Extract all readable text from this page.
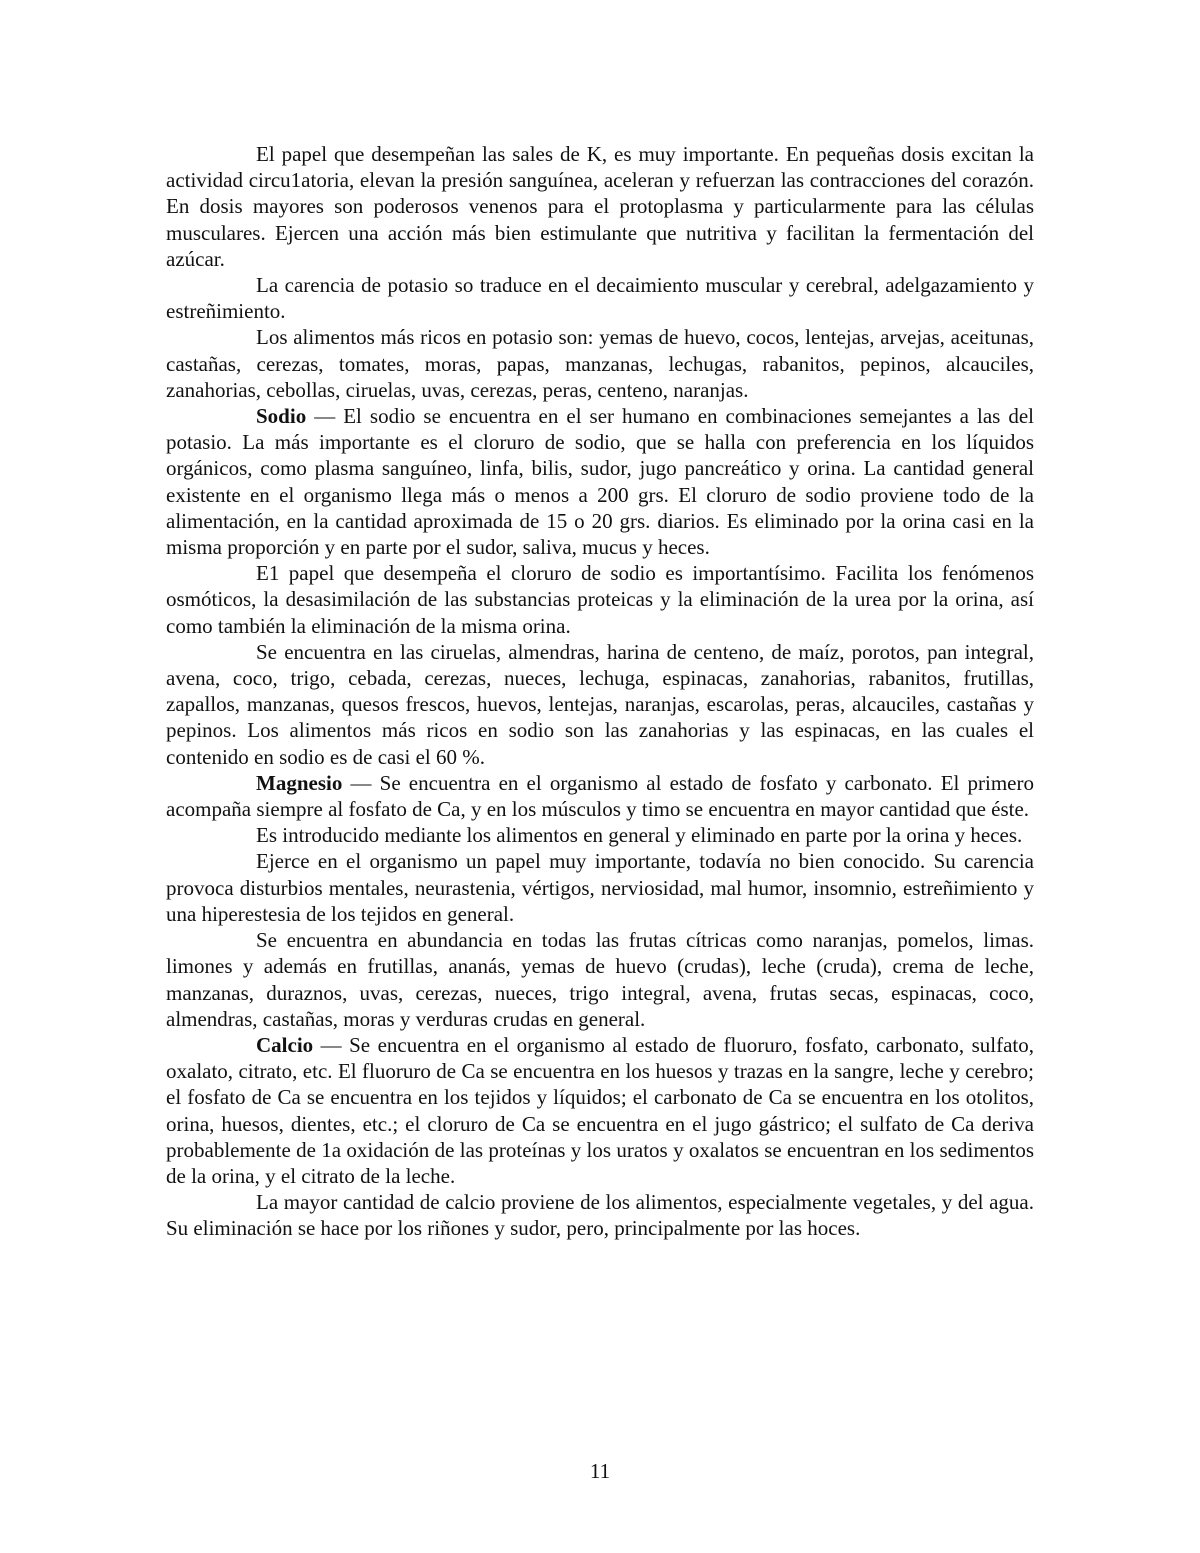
El papel que desempeñan las sales de K, es muy importante. En pequeñas dosis excitan la actividad circu1atoria, elevan la presión sanguínea, aceleran y refuerzan las contracciones del corazón. En dosis mayores son poderosos venenos para el protoplasma y particularmente para las células musculares. Ejercen una acción más bien estimulante que nutritiva y facilitan la fermentación del azúcar.

La carencia de potasio so traduce en el decaimiento muscular y cerebral, adelgazamiento y estreñimiento.

Los alimentos más ricos en potasio son: yemas de huevo, cocos, lentejas, arvejas, aceitunas, castañas, cerezas, tomates, moras, papas, manzanas, lechugas, rabanitos, pepinos, alcauciles, zanahorias, cebollas, ciruelas, uvas, cerezas, peras, centeno, naranjas.

Sodio — El sodio se encuentra en el ser humano en combinaciones semejantes a las del potasio. La más importante es el cloruro de sodio, que se halla con preferencia en los líquidos orgánicos, como plasma sanguíneo, linfa, bilis, sudor, jugo pancreático y orina. La cantidad general existente en el organismo llega más o menos a 200 grs. El cloruro de sodio proviene todo de la alimentación, en la cantidad aproximada de 15 o 20 grs. diarios. Es eliminado por la orina casi en la misma proporción y en parte por el sudor, saliva, mucus y heces.

E1 papel que desempeña el cloruro de sodio es importantísimo. Facilita los fenómenos osmóticos, la desasimilación de las substancias proteicas y la eliminación de la urea por la orina, así como también la eliminación de la misma orina.

Se encuentra en las ciruelas, almendras, harina de centeno, de maíz, porotos, pan integral, avena, coco, trigo, cebada, cerezas, nueces, lechuga, espinacas, zanahorias, rabanitos, frutillas, zapallos, manzanas, quesos frescos, huevos, lentejas, naranjas, escarolas, peras, alcauciles, castañas y pepinos. Los alimentos más ricos en sodio son las zanahorias y las espinacas, en las cuales el contenido en sodio es de casi el 60 %.

Magnesio — Se encuentra en el organismo al estado de fosfato y carbonato. El primero acompaña siempre al fosfato de Ca, y en los músculos y timo se encuentra en mayor cantidad que éste.

Es introducido mediante los alimentos en general y eliminado en parte por la orina y heces.

Ejerce en el organismo un papel muy importante, todavía no bien conocido. Su carencia provoca disturbios mentales, neurastenia, vértigos, nerviosidad, mal humor, insomnio, estreñimiento y una hiperestesia de los tejidos en general.

Se encuentra en abundancia en todas las frutas cítricas como naranjas, pomelos, limas. limones y además en frutillas, ananás, yemas de huevo (crudas), leche (cruda), crema de leche, manzanas, duraznos, uvas, cerezas, nueces, trigo integral, avena, frutas secas, espinacas, coco, almendras, castañas, moras y verduras crudas en general.

Calcio — Se encuentra en el organismo al estado de fluoruro, fosfato, carbonato, sulfato, oxalato, citrato, etc. El fluoruro de Ca se encuentra en los huesos y trazas en la sangre, leche y cerebro; el fosfato de Ca se encuentra en los tejidos y líquidos; el carbonato de Ca se encuentra en los otolitos, orina, huesos, dientes, etc.; el cloruro de Ca se encuentra en el jugo gástrico; el sulfato de Ca deriva probablemente de 1a oxidación de las proteínas y los uratos y oxalatos se encuentran en los sedimentos de la orina, y el citrato de la leche.

La mayor cantidad de calcio proviene de los alimentos, especialmente vegetales, y del agua. Su eliminación se hace por los riñones y sudor, pero, principalmente por las hoces.

11
